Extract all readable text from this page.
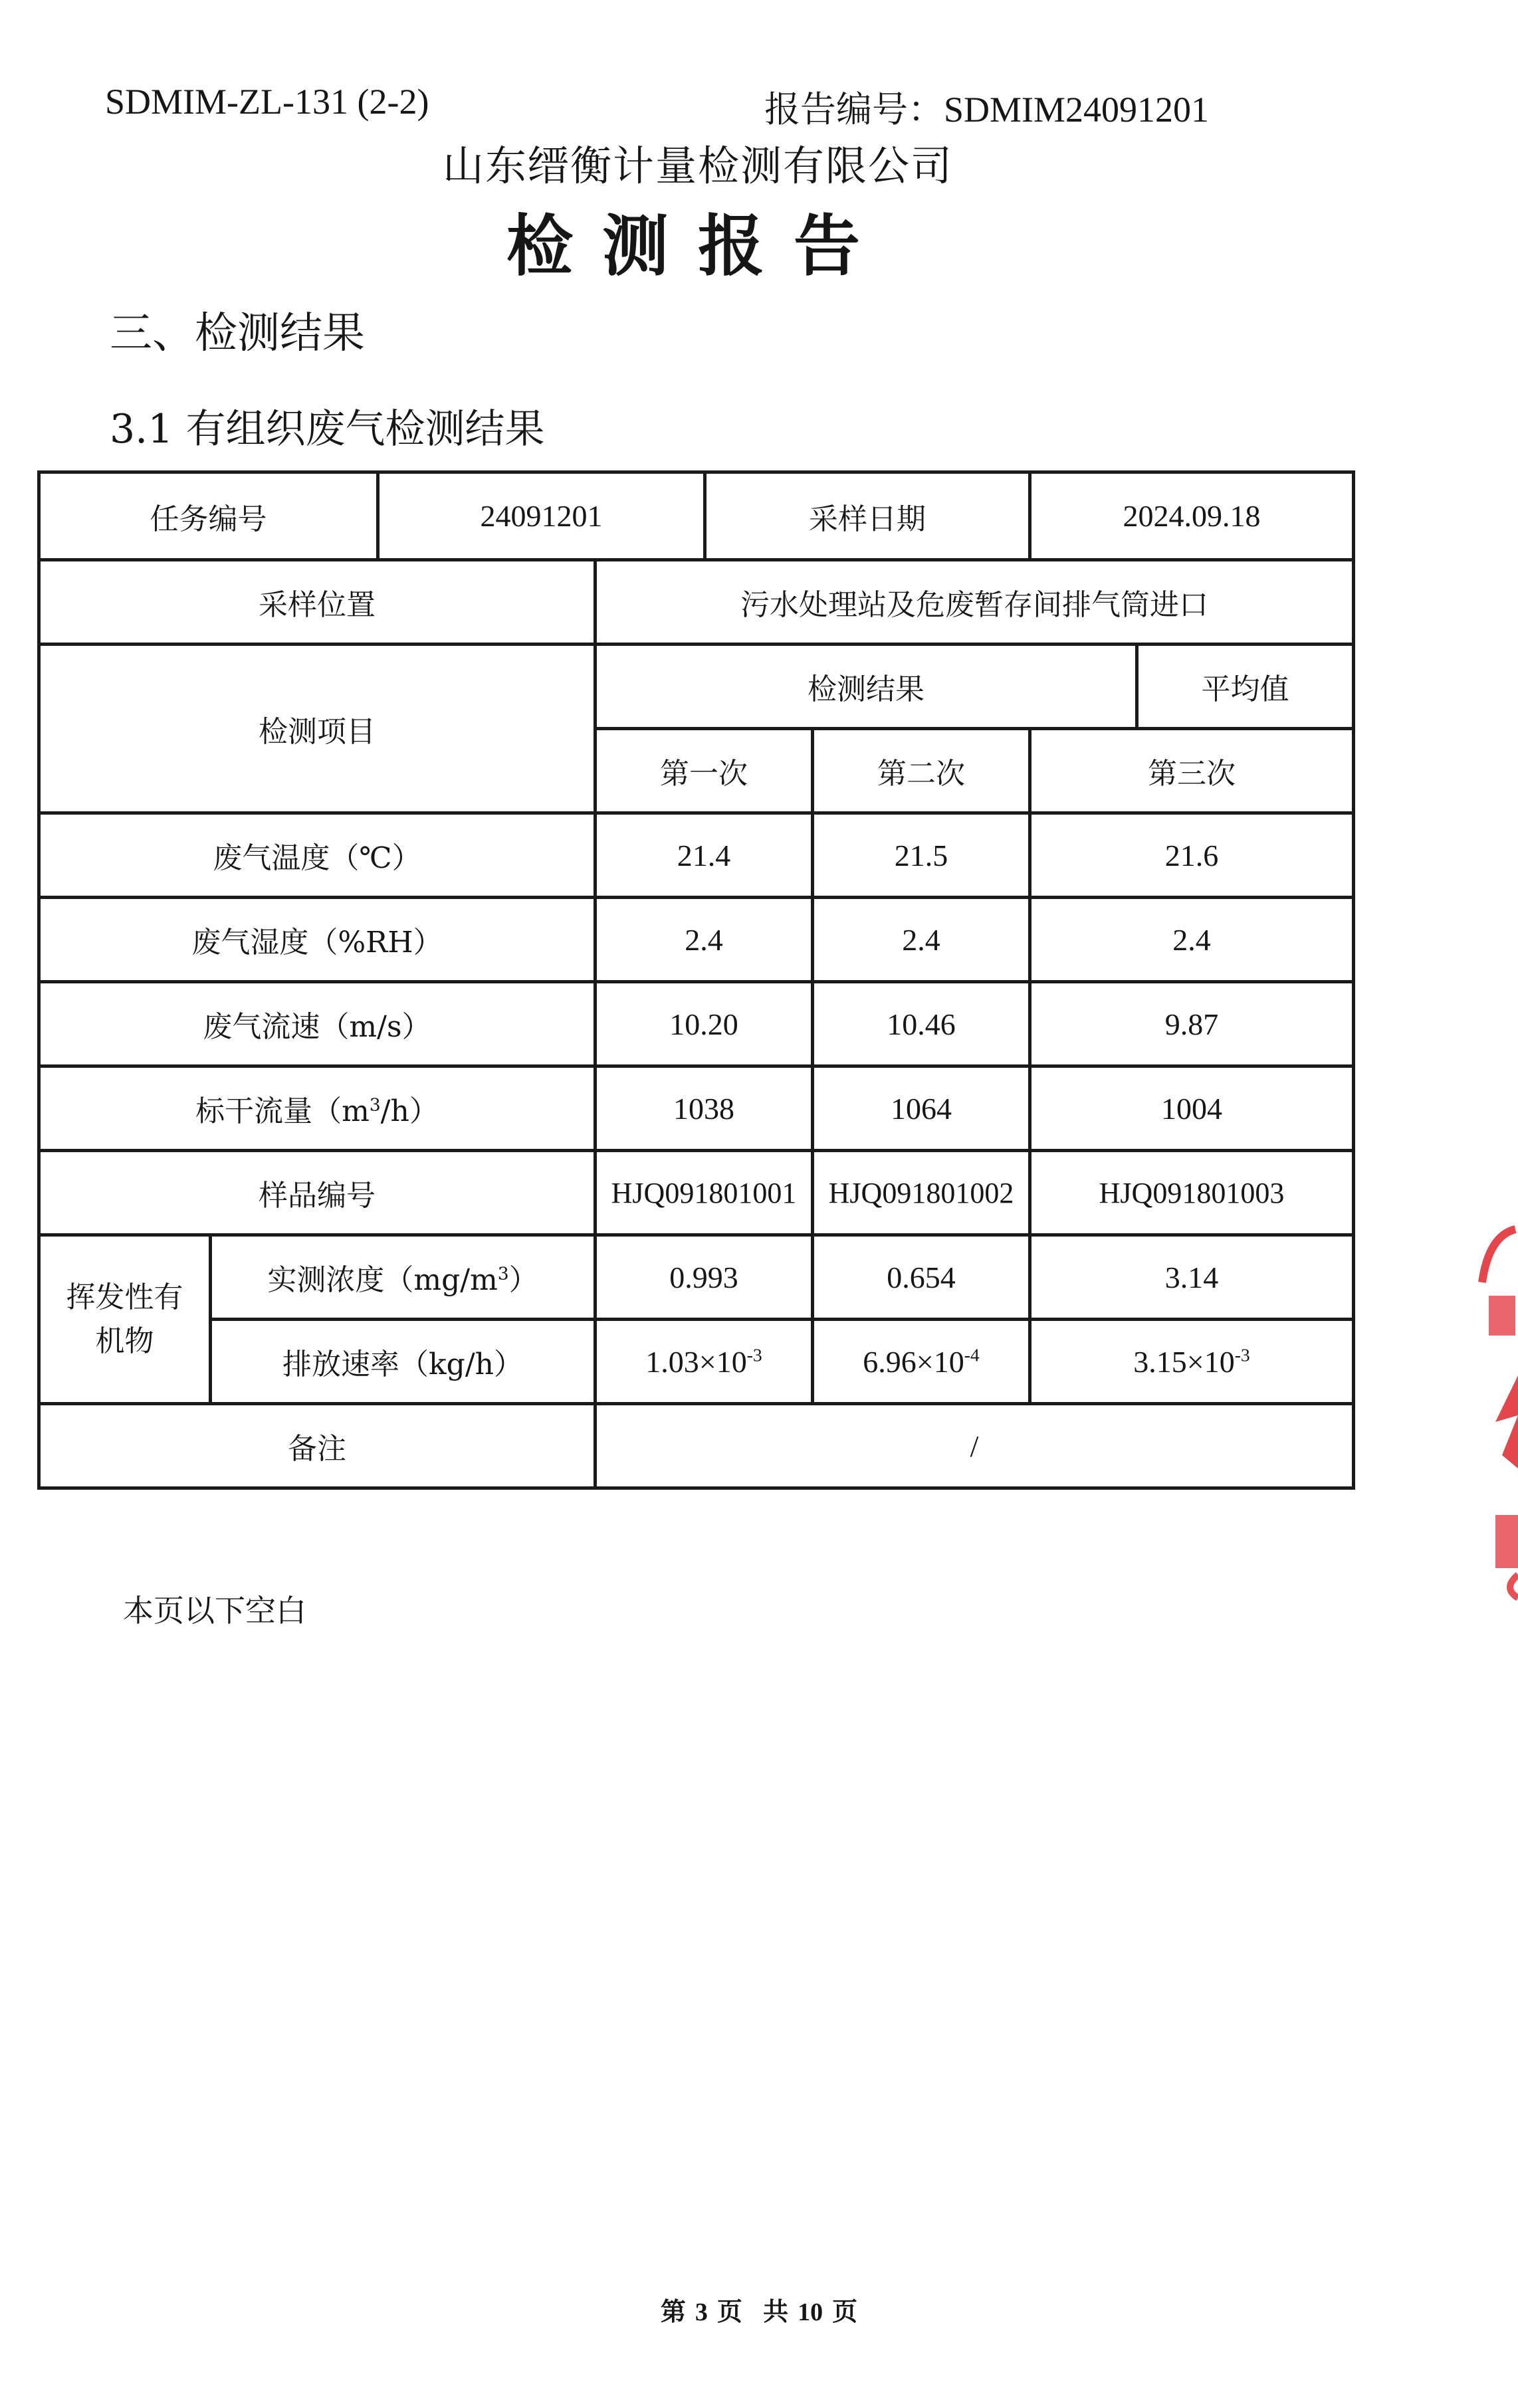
SDMIM-ZL-131 (2-2)	报告编号：SDMIM24091201
山东缙衡计量检测有限公司
检测报告
三、检测结果
3.1 有组织废气检测结果
任务编号		24091201		采样日期		2024.09.18		
采样位置			污水处理站及危废暂存间排气筒进口					
检测项目			检测结果				平均值	
			第一次		第二次	第三次	
废气温度（℃）			21.4		21.5	21.6	
废气湿度（%RH）			2.4		2.4	2.4	
废气流速（m/s）			10.20		10.46	9.87	
标干流量$(m^3/h)$			1038		1064	1004	
样品编号			HJQ091801001		HJQ091801002	HJQ091801003	
挥发性有机物	实测浓度$(mg/m^3)$		0.993		0.654	3.14	
	排放速率（kg/h）		$1.03\times 10^{-3}$		$6.96\times 10^{-4}$	$3.15\times 10^{-3}$	
备注			/					
本页以下空白
第 3 页 共 10 页
